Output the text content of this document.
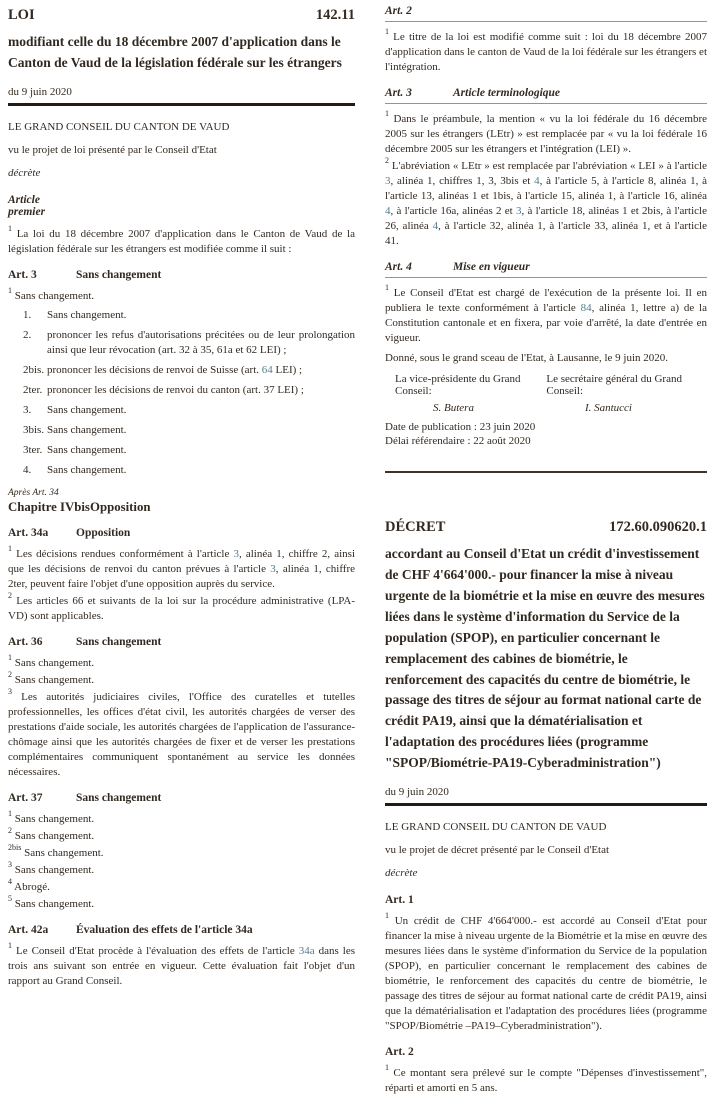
LOI	142.11
modifiant celle du 18 décembre 2007 d'application dans le Canton de Vaud de la législation fédérale sur les étrangers
du 9 juin 2020

LE GRAND CONSEIL DU CANTON DE VAUD

vu le projet de loi présenté par le Conseil d'Etat

décrète

Article premier

$^1$ La loi du 18 décembre 2007 d'application dans le Canton de Vaud de la législation fédérale sur les étrangers est modifiée comme il suit :

Art. 3	Sans changement

$^1$ Sans changement.

1.	Sans changement.
2.	prononcer les refus d'autorisations précitées ou de leur prolongation ainsi que leur révocation (art. 32 à 35, 61a et 62 LEI) ;
2bis. prononcer les décisions de renvoi de Suisse (art. 64 LEI) ;
2ter. prononcer les décisions de renvoi du canton (art. 37 LEI) ;
3.	Sans changement.
3bis. Sans changement.
3ter. Sans changement.
4.	Sans changement.
Après Art. 34
Chapitre IVbis Opposition
Art. 34a	Opposition

$^1$ Les décisions rendues conformément à l'article 3, alinéa 1, chiffre 2, ainsi que les décisions de renvoi du canton prévues à l'article 3, alinéa 1, chiffre 2ter, peuvent faire l'objet d'une opposition auprès du service.

$^2$ Les articles 66 et suivants de la loi sur la procédure administrative (LPA-VD) sont applicables.

Art. 36	Sans changement

$^1$ Sans changement.

$^2$ Sans changement.

$^3$ Les autorités judiciaires civiles, l'Office des curatelles et tutelles professionnelles, les offices d'état civil, les autorités chargées de verser des prestations d'aide sociale, les autorités chargées de l'application de l'assurance-chômage ainsi que les autorités chargées de fixer et de verser les prestations complémentaires communiquent spontanément au service les données nécessaires.

Art. 37	Sans changement

$^1$ Sans changement.

$^2$ Sans changement.

$^{2bis}$ Sans changement.

$^3$ Sans changement.

$^4$ Abrogé.

$^5$ Sans changement.

Art. 42a	Évaluation des effets de l'article 34a

$^1$ Le Conseil d'Etat procède à l'évaluation des effets de l'article 34a dans les trois ans suivant son entrée en vigueur. Cette évaluation fait l'objet d'un rapport au Grand Conseil.

Art. 2

$^1$ Le titre de la loi est modifié comme suit : loi du 18 décembre 2007 d'application dans le canton de Vaud de la loi fédérale sur les étrangers et l'intégration.

Art. 3	Article terminologique

$^1$ Dans le préambule, la mention « vu la loi fédérale du 16 décembre 2005 sur les étrangers (LEtr) » est remplacée par « vu la loi fédérale 16 décembre 2005 sur les étrangers et l'intégration (LEI) ».

$^2$ L'abréviation « LEtr » est remplacée par l'abréviation « LEI » à l'article 3, alinéa 1, chiffres 1, 3, 3bis et 4, à l'article 5, à l'article 8, alinéa 1, à l'article 13, alinéas 1 et 1bis, à l'article 15, alinéa 1, à l'article 16, alinéa 4, à l'article 16a, alinéas 2 et 3, à l'article 18, alinéas 1 et 2bis, à l'article 26, alinéa 4, à l'article 32, alinéa 1, à l'article 33, alinéa 1, et à l'article 41.

Art. 4	Mise en vigueur

$^1$ Le Conseil d'Etat est chargé de l'exécution de la présente loi. Il en publiera le texte conformément à l'article 84, alinéa 1, lettre a) de la Constitution cantonale et en fixera, par voie d'arrêté, la date d'entrée en vigueur.

Donné, sous le grand sceau de l'Etat, à Lausanne, le 9 juin 2020.

La vice-présidente du Grand Conseil:
Le secrétaire général du Grand Conseil:
S. Butera	I. Santucci

Date de publication : 23 juin 2020

Délai référendaire : 22 août 2020

DÉCRET	172.60.090620.1
accordant au Conseil d'Etat un crédit d'investissement de CHF 4'664'000.- pour financer la mise à niveau urgente de la biométrie et la mise en œuvre des mesures liées dans le système d'information du Service de la population (SPOP), en particulier concernant le remplacement des cabines de biométrie, le renforcement des capacités du centre de biométrie, le passage des titres de séjour au format national carte de crédit PA19, ainsi que la dématérialisation et l'adaptation des procédures liées (programme "SPOP/Biométrie-PA19-Cyberadministration")
du 9 juin 2020

LE GRAND CONSEIL DU CANTON DE VAUD

vu le projet de décret présenté par le Conseil d'Etat

décrète

Art. 1

$^1$ Un crédit de CHF 4'664'000.- est accordé au Conseil d'Etat pour financer la mise à niveau urgente de la Biométrie et la mise en œuvre des mesures liées dans le système d'information du Service de la population (SPOP), en particulier concernant le remplacement des cabines de biométrie, le renforcement des capacités du centre de biométrie, le passage des titres de séjour au format national carte de crédit PA19, ainsi que la dématérialisation et l'adaptation des procédures liées (programme "SPOP/Biométrie –PA19–Cyberadministration").

Art. 2

$^1$ Ce montant sera prélevé sur le compte "Dépenses d'investissement", réparti et amorti en 5 ans.
